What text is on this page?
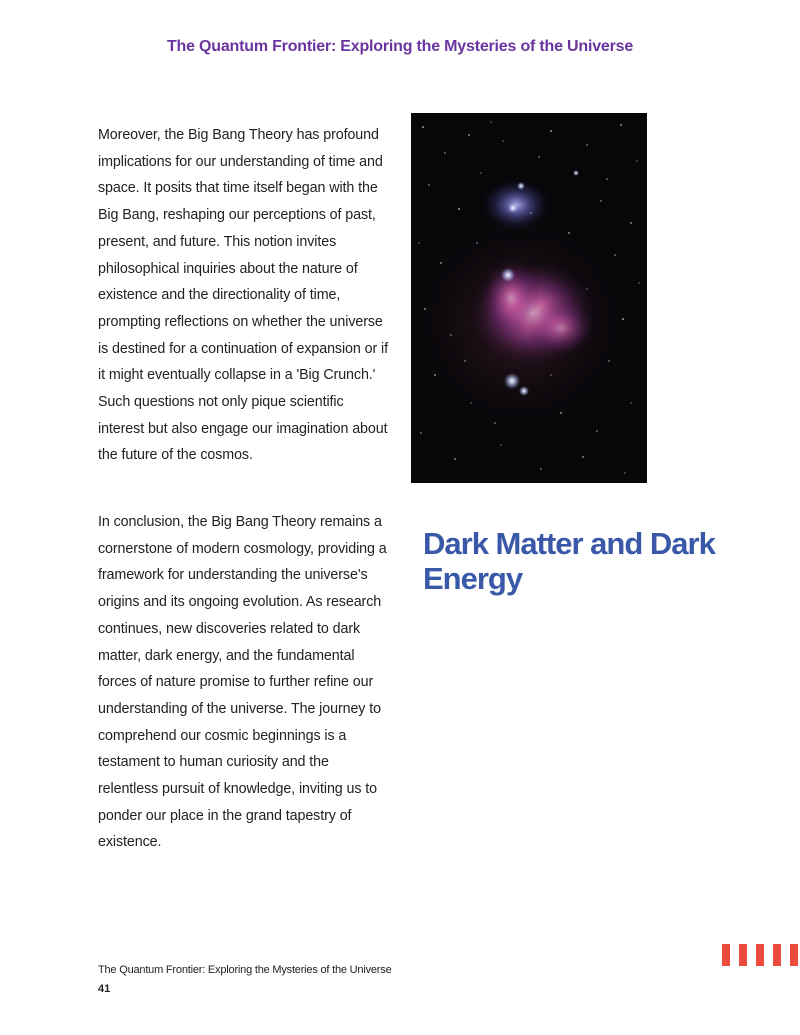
The Quantum Frontier: Exploring the Mysteries of the Universe

Moreover, the Big Bang Theory has profound implications for our understanding of time and space. It posits that time itself began with the Big Bang, reshaping our perceptions of past, present, and future. This notion invites philosophical inquiries about the nature of existence and the directionality of time, prompting reflections on whether the universe is destined for a continuation of expansion or if it might eventually collapse in a 'Big Crunch.' Such questions not only pique scientific interest but also engage our imagination about the future of the cosmos.

In conclusion, the Big Bang Theory remains a cornerstone of modern cosmology, providing a framework for understanding the universe's origins and its ongoing evolution. As research continues, new discoveries related to dark matter, dark energy, and the fundamental forces of nature promise to further refine our understanding of the universe. The journey to comprehend our cosmic beginnings is a testament to human curiosity and the relentless pursuit of knowledge, inviting us to ponder our place in the grand tapestry of existence.

Dark Matter and Dark Energy
The Quantum Frontier: Exploring the Mysteries of the Universe
41
